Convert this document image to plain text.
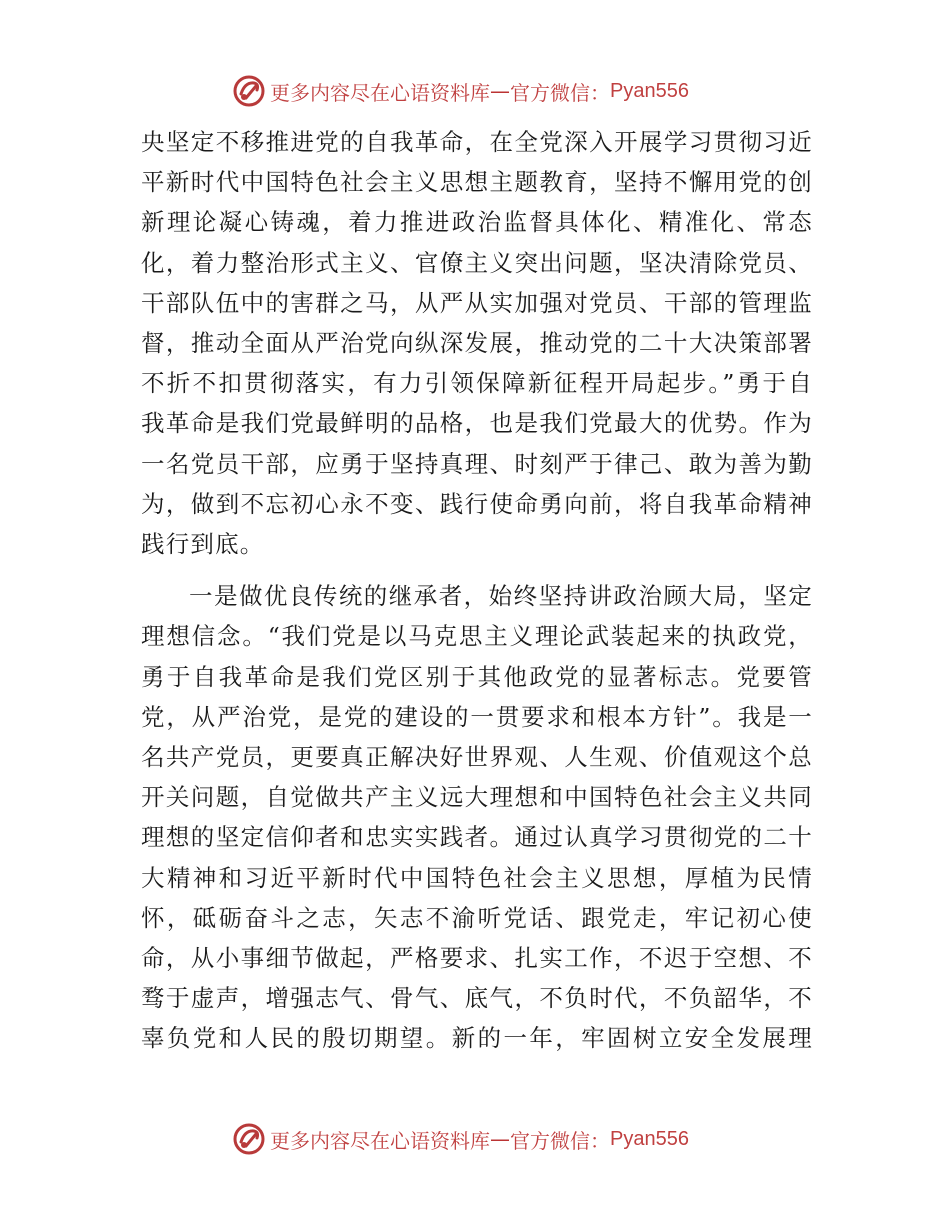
更多内容尽在心语资料库 — 官方微信： Pyan556

央坚定不移推进党的自我革命，在全党深入开展学习贯彻习近
平新时代中国特色社会主义思想主题教育，坚持不懈用党的创
新理论凝心铸魂，着力推进政治监督具体化、精准化、常态
化，着力整治形式主义、官僚主义突出问题，坚决清除党员、
干部队伍中的害群之马，从严从实加强对党员、干部的管理监
督，推动全面从严治党向纵深发展，推动党的二十大决策部署
不折不扣贯彻落实，有力引领保障新征程开局起步。”勇于自
我革命是我们党最鲜明的品格，也是我们党最大的优势。作为
一名党员干部，应勇于坚持真理、时刻严于律己、敢为善为勤
为，做到不忘初心永不变、践行使命勇向前，将自我革命精神
践行到底。

一是做优良传统的继承者，始终坚持讲政治顾大局，坚定
理想信念。“我们党是以马克思主义理论武装起来的执政党，
勇于自我革命是我们党区别于其他政党的显著标志。党要管
党，从严治党，是党的建设的一贯要求和根本方针”。我是一
名共产党员，更要真正解决好世界观、人生观、价值观这个总
开关问题，自觉做共产主义远大理想和中国特色社会主义共同
理想的坚定信仰者和忠实实践者。通过认真学习贯彻党的二十
大精神和习近平新时代中国特色社会主义思想，厚植为民情
怀，砥砺奋斗之志，矢志不渝听党话、跟党走，牢记初心使
命，从小事细节做起，严格要求、扎实工作，不迟于空想、不
骛于虚声，增强志气、骨气、底气，不负时代，不负韶华，不
辜负党和人民的殷切期望。新的一年，牢固树立安全发展理

更多内容尽在心语资料库 — 官方微信： Pyan556
